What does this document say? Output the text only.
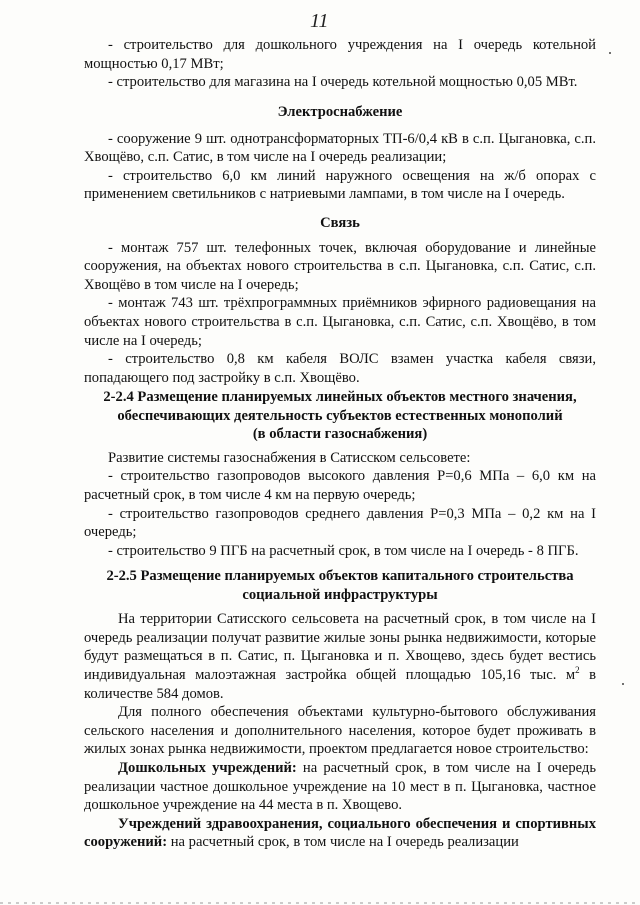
11

- строительство для дошкольного учреждения на I очередь котельной мощностью 0,17 МВт;

- строительство для магазина на I очередь котельной мощностью 0,05 МВт.

Электроснабжение

- сооружение 9 шт. однотрансформаторных ТП-6/0,4 кВ в с.п. Цыгановка, с.п. Хвощёво, с.п. Сатис, в том числе на I очередь реализации;

- строительство 6,0 км линий наружного освещения на ж/б опорах с применением светильников с натриевыми лампами, в том числе на I очередь.

Связь

- монтаж 757 шт. телефонных точек, включая оборудование и линейные сооружения, на объектах нового строительства в с.п. Цыгановка, с.п. Сатис, с.п. Хвощёво в том числе на I очередь;

- монтаж 743 шт. трёхпрограммных приёмников эфирного радиовещания на объектах нового строительства в с.п. Цыгановка, с.п. Сатис, с.п. Хвощёво, в том числе на I очередь;

- строительство 0,8 км кабеля ВОЛС взамен участка кабеля связи, попадающего под застройку в с.п. Хвощёво.

2-2.4 Размещение планируемых линейных объектов местного значения,

обеспечивающих деятельность субъектов естественных монополий

(в области газоснабжения)

Развитие системы газоснабжения в Сатисском сельсовете:

- строительство газопроводов высокого давления Р=0,6 МПа – 6,0 км на расчетный срок, в том числе 4 км на первую очередь;

- строительство газопроводов среднего давления Р=0,3 МПа – 0,2 км на I очередь;

- строительство 9 ПГБ на расчетный срок, в том числе на I очередь - 8 ПГБ.

2-2.5 Размещение планируемых объектов капитального строительства

социальной инфраструктуры

На территории Сатисского сельсовета на расчетный срок, в том числе на I очередь реализации получат развитие жилые зоны рынка недвижимости, которые будут размещаться в п. Сатис, п. Цыгановка и п. Хвощево, здесь будет вестись индивидуальная малоэтажная застройка общей площадью 105,16 тыс. $м^2$ в количестве 584 домов.

Для полного обеспечения объектами культурно-бытового обслуживания сельского населения и дополнительного населения, которое будет проживать в жилых зонах рынка недвижимости, проектом предлагается новое строительство:

Дошкольных учреждений: на расчетный срок, в том числе на I очередь реализации частное дошкольное учреждение на 10 мест в п. Цыгановка, частное дошкольное учреждение на 44 места в п. Хвощево.

Учреждений здравоохранения, социального обеспечения и спортивных сооружений: на расчетный срок, в том числе на I очередь реализации
